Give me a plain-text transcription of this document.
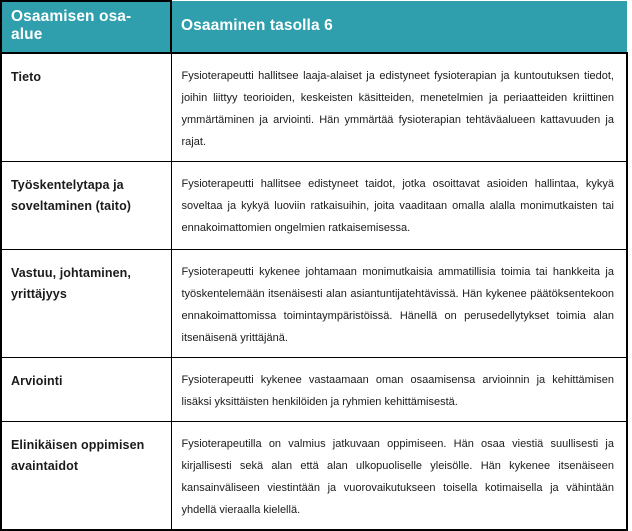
Osaamisen osa-alue	Osaaminen tasolla 6
Tieto	Fysioterapeutti hallitsee laaja-alaiset ja edistyneet fysioterapian ja kuntoutuksen tiedot, joihin liittyy teorioiden, keskeisten käsitteiden, menetelmien ja periaatteiden kriittinen ymmärtäminen ja arviointi. Hän ymmärtää fysioterapian tehtäväalueen kattavuuden ja rajat.
Työskentelytapa ja soveltaminen (taito)	Fysioterapeutti hallitsee edistyneet taidot, jotka osoittavat asioiden hallintaa, kykyä soveltaa ja kykyä luoviin ratkaisuihin, joita vaaditaan omalla alalla monimutkaisten tai ennakoimattomien ongelmien ratkaisemisessa.
Vastuu, johtaminen, yrittäjyys	Fysioterapeutti kykenee johtamaan monimutkaisia ammatillisia toimia tai hankkeita ja työskentelemään itsenäisesti alan asiantuntijatehtävissä. Hän kykenee päätöksentekoon ennakoimattomissa toimintaympäristöissä. Hänellä on perusedellytykset toimia alan itsenäisenä yrittäjänä.
Arviointi	Fysioterapeutti kykenee vastaamaan oman osaamisensa arvioinnin ja kehittämisen lisäksi yksittäisten henkilöiden ja ryhmien kehittämisestä.
Elinikäisen oppimisen avaintaidot	Fysioterapeutilla on valmius jatkuvaan oppimiseen. Hän osaa viestiä suullisesti ja kirjallisesti sekä alan että alan ulkopuoliselle yleisölle. Hän kykenee itsenäiseen kansainväliseen viestintään ja vuorovaikutukseen toisella kotimaisella ja vähintään yhdellä vieraalla kielellä.
